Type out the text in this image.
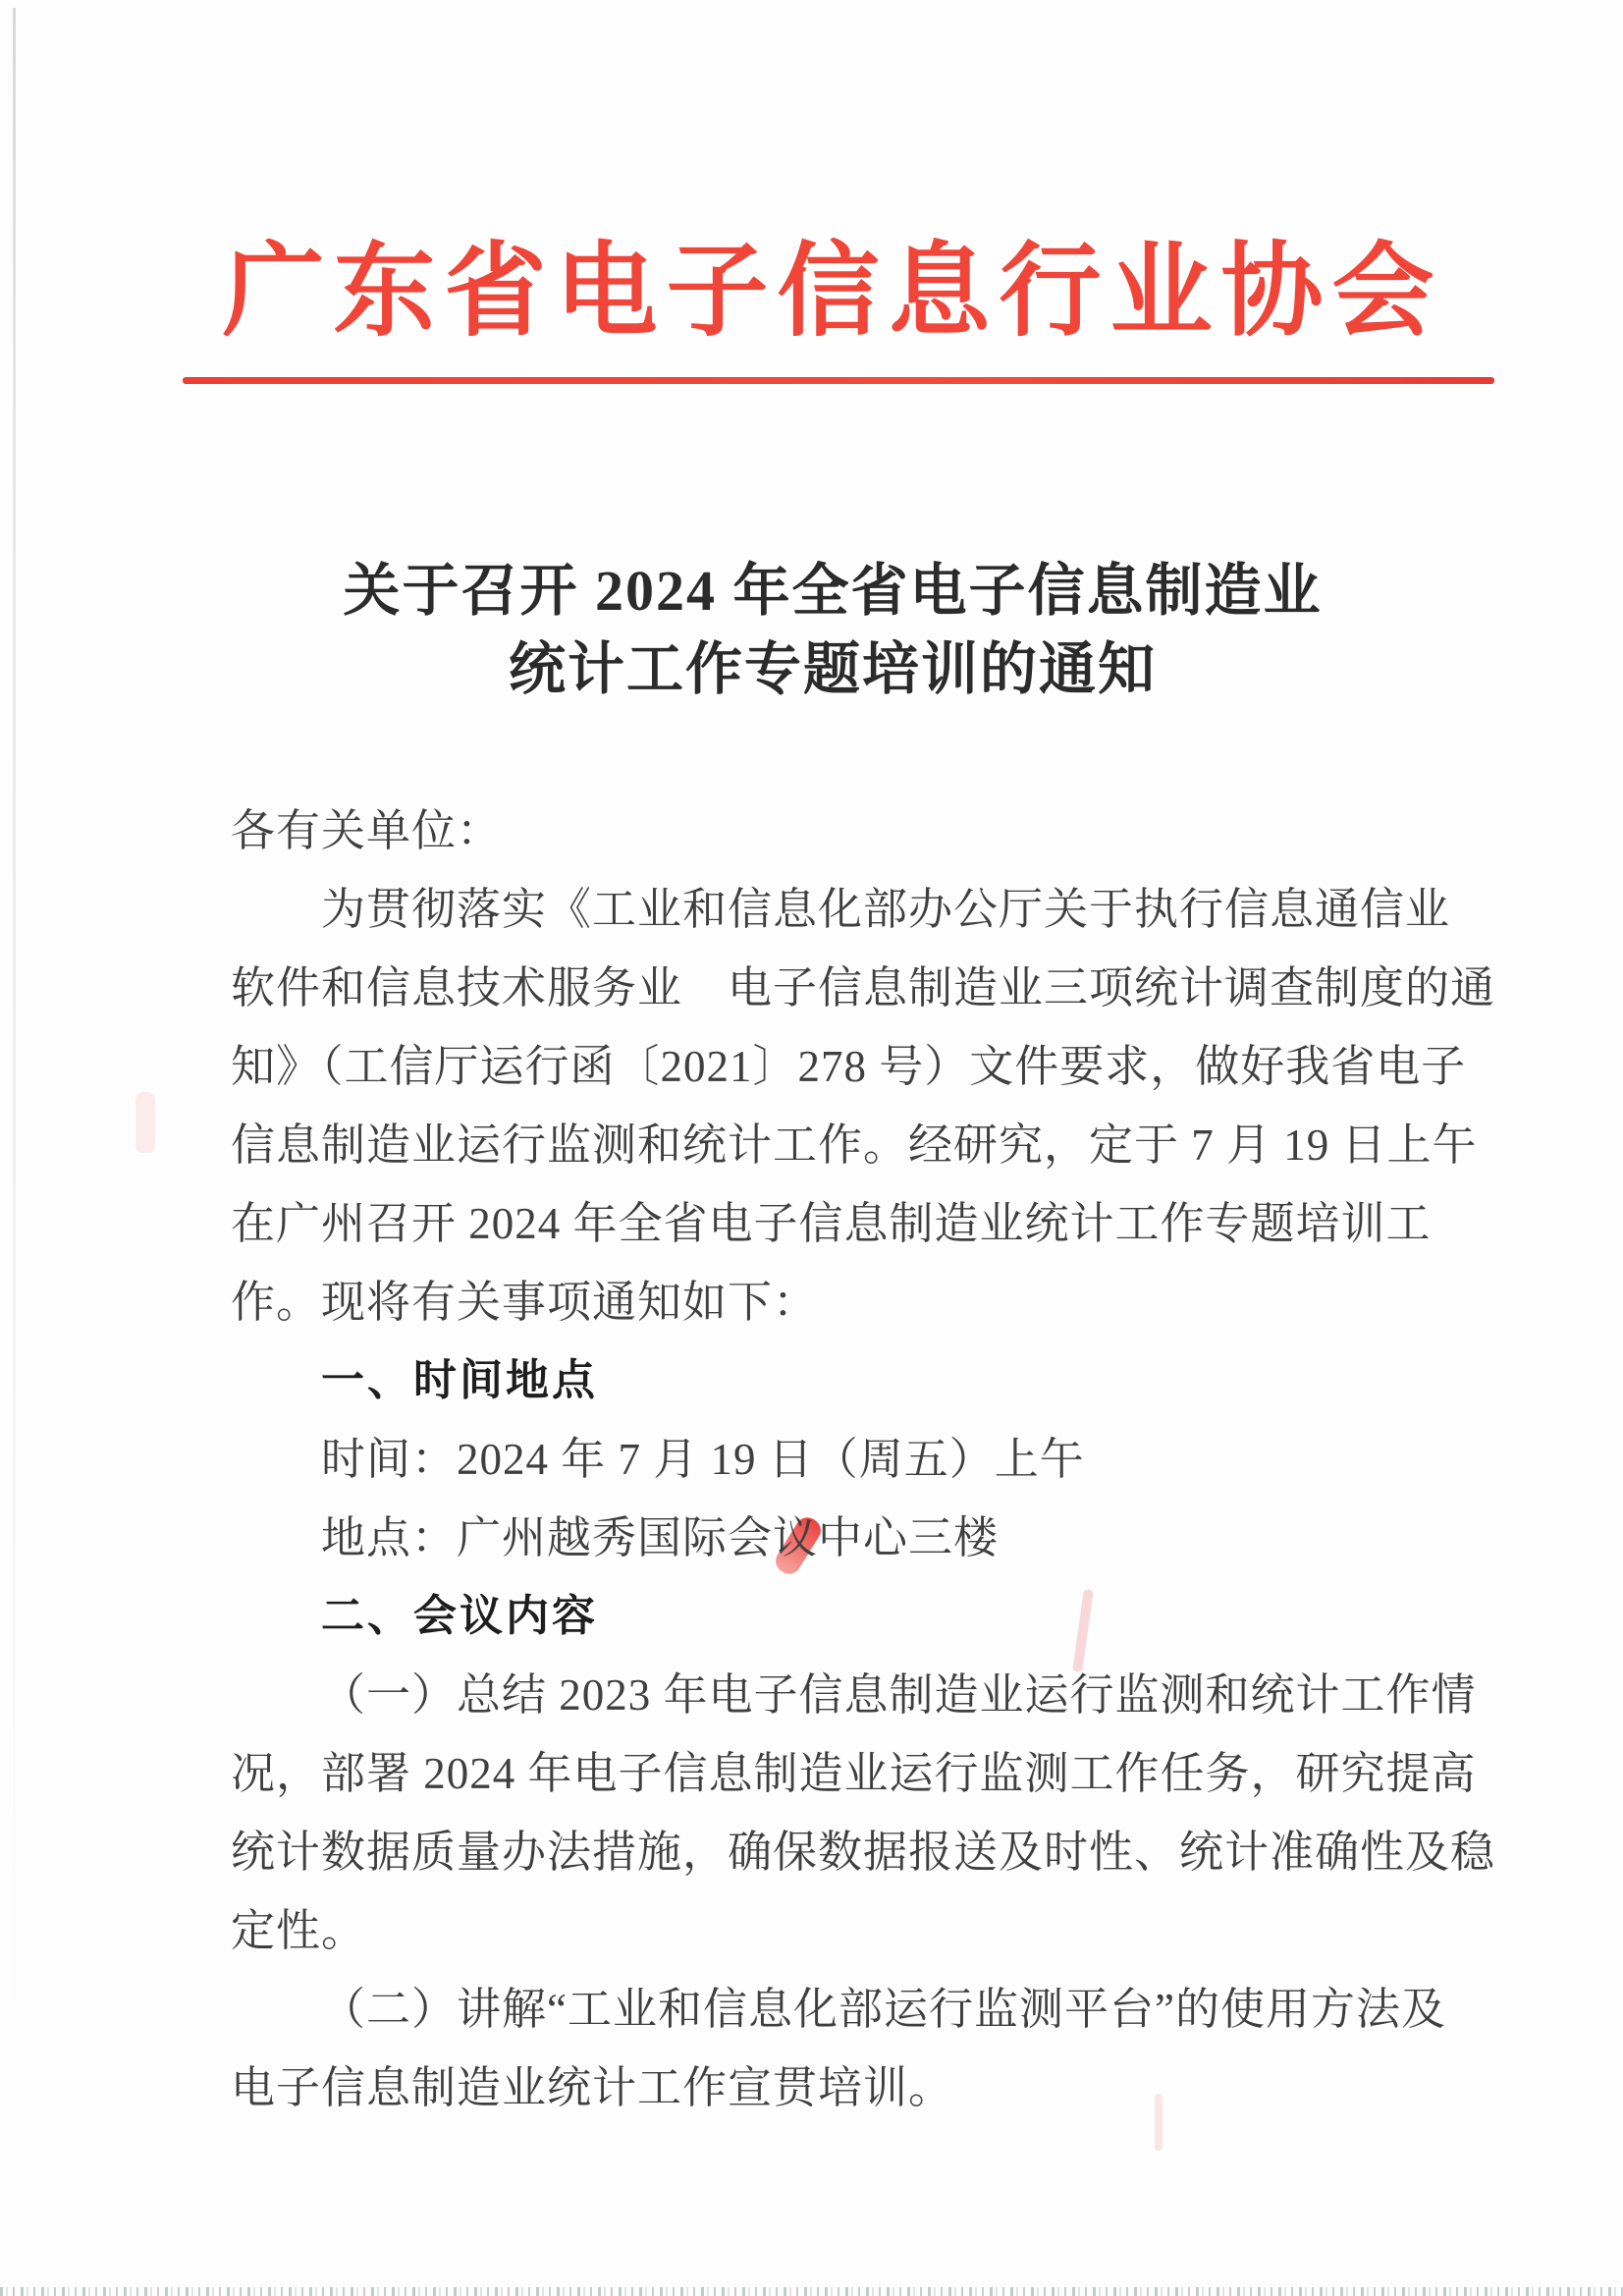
广东省电子信息行业协会
关于召开 2024 年全省电子信息制造业
统计工作专题培训的通知
各有关单位：
为贯彻落实《工业和信息化部办公厅关于执行信息通信业
软件和信息技术服务业　电子信息制造业三项统计调查制度的通
知》（工信厅运行函〔2021〕278 号）文件要求，做好我省电子
信息制造业运行监测和统计工作。经研究，定于 7 月 19 日上午
在广州召开 2024 年全省电子信息制造业统计工作专题培训工
作。现将有关事项通知如下：
一、时间地点
时间：2024 年 7 月 19 日（周五）上午
地点：广州越秀国际会议中心三楼
二、会议内容
（一）总结 2023 年电子信息制造业运行监测和统计工作情
况，部署 2024 年电子信息制造业运行监测工作任务，研究提高
统计数据质量办法措施，确保数据报送及时性、统计准确性及稳
定性。
（二）讲解“工业和信息化部运行监测平台”的使用方法及
电子信息制造业统计工作宣贯培训。
